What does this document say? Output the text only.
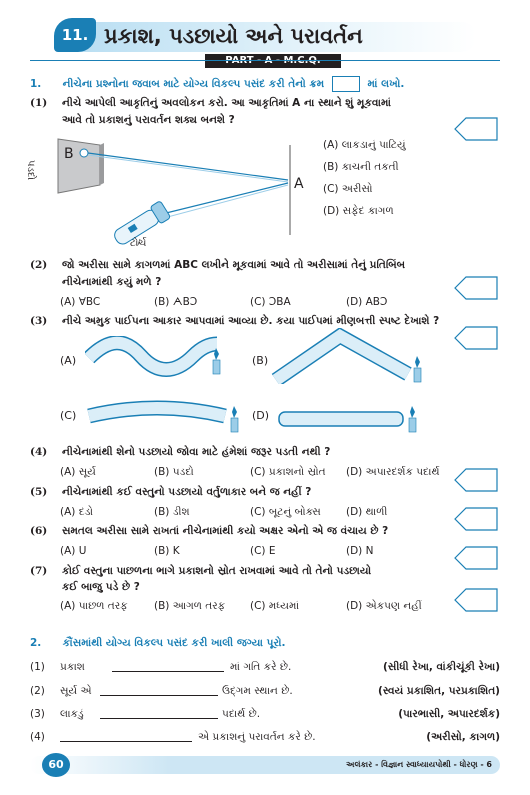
11. પ્રકાશ, પડછાયો અને પરાવર્તન
1. નીચેના પ્રશ્નોના જવાબ માટે યોગ્ય વિકલ્પ પસંદ કરી તેનો ક્રમ	માં લખો.
(1) નીચે આપેલી આકૃતિનું અવલોકન કરો. આ આકૃતિમાં A ના સ્થાને શું મૂકવામાં
આવે તો પ્રકાશનું પરાવર્તન શક્ય બનશે ?
પડદો
B
A
ટોર્ચ
(A) લાકડાનું પાટિયું
(B) કાચની તકતી
(C) અરીસો
(D) સફેદ કાગળ
(2) જો અરીસા સામે કાગળમાં ABC લખીને મૂકવામાં આવે તો અરીસામાં તેનું પ્રતિબિંબ
નીચેનામાંથી કયું મળે ?
(A) ∀BC	(B) ᗅBƆ	(C) ƆBA	(D) ABƆ
(3) નીચે અમુક પાઈપના આકાર આપવામાં આવ્યા છે. કયા પાઈપમાં મીણબત્તી સ્પષ્ટ દેખાશે ?
(A)	(B)
(C)	(D)
(4) નીચેનામાંથી શેનો પડછાયો જોવા માટે હંમેશાં જરૂર પડતી નથી ?
(A) સૂર્ય	(B) પડદો	(C) પ્રકાશનો સ્રોત (D) અપારદર્શક પદાર્થ
(5) નીચેનામાંથી કઈ વસ્તુનો પડછાયો વર્તુળાકાર બને જ નહીં ?
(A) દડો	(B) ડીશ	(C) બૂટનું બોક્સ (D) થાળી
(6) સમતલ અરીસા સામે રાખતાં નીચેનામાંથી કયો અક્ષર એનો એ જ વંચાય છે ?
(A) U	(B) K	(C) E	(D) N
(7) કોઈ વસ્તુના પાછળના ભાગે પ્રકાશનો સ્રોત રાખવામાં આવે તો તેનો પડછાયો
કઈ બાજુ પડે છે ?
(A) પાછળ તરફ	(B) આગળ તરફ (C) મધ્યમાં	(D) એકપણ નહીં
2. કૌંસમાંથી યોગ્ય વિકલ્પ પસંદ કરી ખાલી જગ્યા પૂરો.
(1) પ્રકાશ	માં ગતિ કરે છે.	(સીધી રેખા, વાંકીચૂંકી રેખા)
(2) સૂર્ય એ	ઉદ્‌ગમ સ્થાન છે.	(સ્વયં પ્રકાશિત, પરપ્રકાશિત)
(3) લાકડું	પદાર્થ છે.	(પારભાસી, અપારદર્શક)
(4)	એ પ્રકાશનું પરાવર્તન કરે છે.	(અરીસો, કાગળ)
60	અલંકાર - વિજ્ઞાન સ્વાધ્યાયપોથી - ધોરણ - 6
